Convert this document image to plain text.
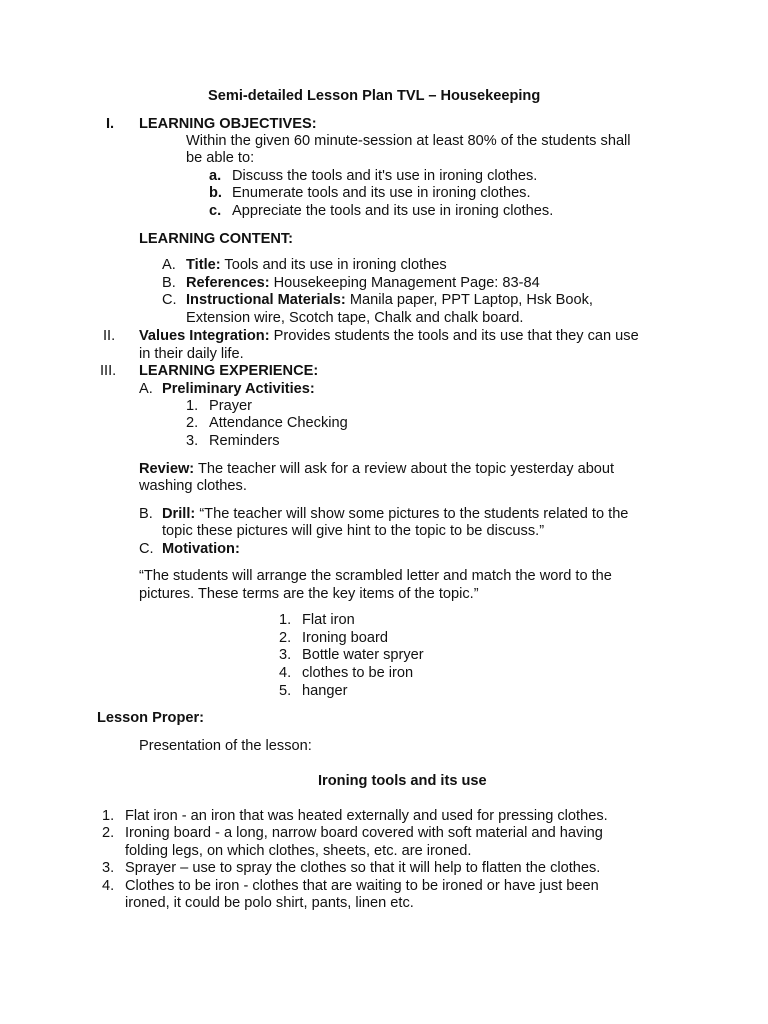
Semi-detailed Lesson Plan TVL – Housekeeping
I. LEARNING OBJECTIVES:
Within the given 60 minute-session at least 80% of the students shall
be able to:
a. Discuss the tools and it's use in ironing clothes.
b. Enumerate tools and its use in ironing clothes.
c. Appreciate the tools and its use in ironing clothes.
LEARNING CONTENT:
A. Title: Tools and its use in ironing clothes
B. References: Housekeeping Management Page: 83-84
C. Instructional Materials: Manila paper, PPT Laptop, Hsk Book,
Extension wire, Scotch tape, Chalk and chalk board.
II. Values Integration: Provides students the tools and its use that they can use
in their daily life.
III. LEARNING EXPERIENCE:
A. Preliminary Activities:
1. Prayer
2. Attendance Checking
3. Reminders
Review: The teacher will ask for a review about the topic yesterday about
washing clothes.
B. Drill: “The teacher will show some pictures to the students related to the
topic these pictures will give hint to the topic to be discuss.”
C. Motivation:
“The students will arrange the scrambled letter and match the word to the
pictures. These terms are the key items of the topic.”
1. Flat iron
2. Ironing board
3. Bottle water spryer
4. clothes to be iron
5. hanger
Lesson Proper:
Presentation of the lesson:
Ironing tools and its use
1. Flat iron - an iron that was heated externally and used for pressing clothes.
2. Ironing board - a long, narrow board covered with soft material and having
folding legs, on which clothes, sheets, etc. are ironed.
3. Sprayer – use to spray the clothes so that it will help to flatten the clothes.
4. Clothes to be iron - clothes that are waiting to be ironed or have just been
ironed, it could be polo shirt, pants, linen etc.
